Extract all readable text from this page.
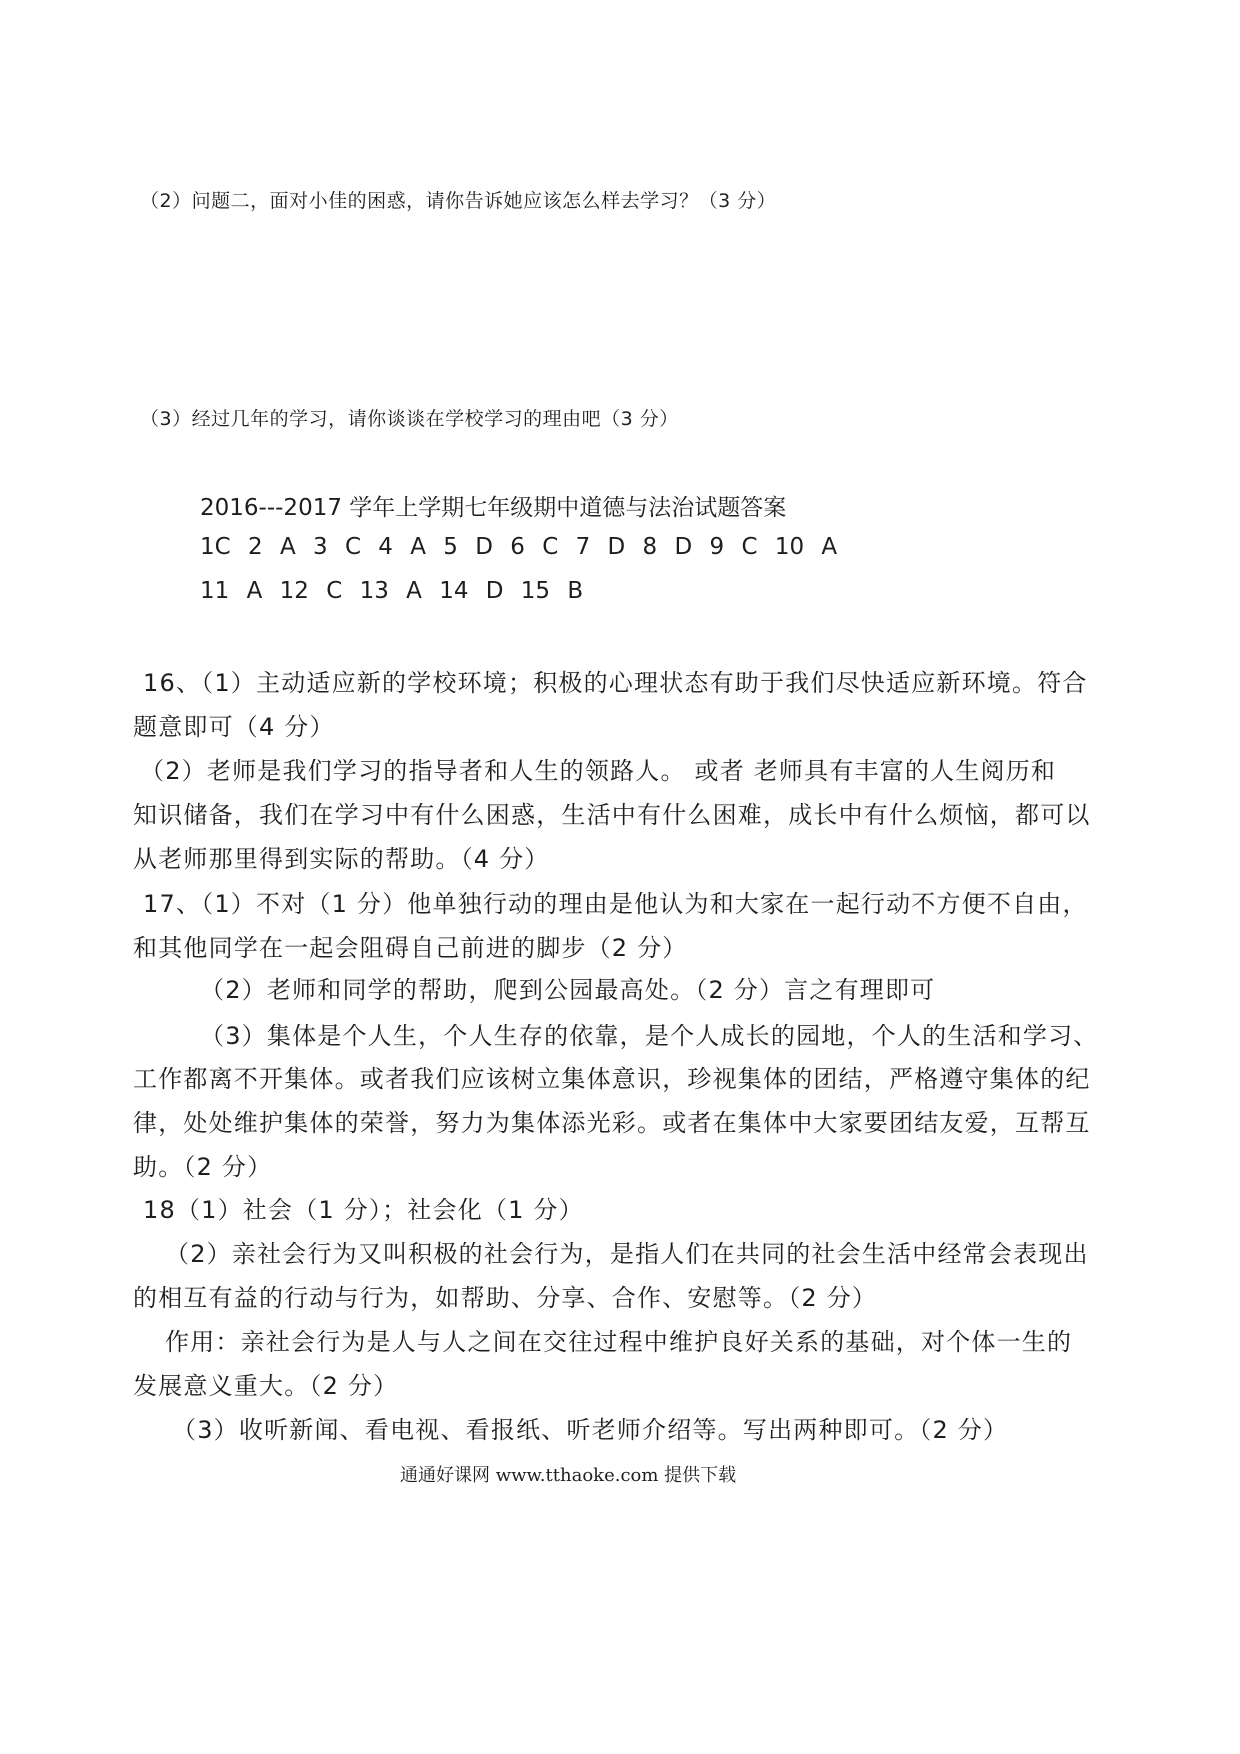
（2）问题二，面对小佳的困惑，请你告诉她应该怎么样去学习？（3 分）
（3）经过几年的学习，请你谈谈在学校学习的理由吧（3 分）
2016---2017 学年上学期七年级期中道德与法治试题答案
1C 2 A 3 C 4 A 5 D 6 C 7 D 8 D 9 C 10 A
11 A 12 C 13 A 14 D 15 B
16、（1）主动适应新的学校环境；积极的心理状态有助于我们尽快适应新环境。符合
题意即可（4 分）
（2）老师是我们学习的指导者和人生的领路人。 或者 老师具有丰富的人生阅历和
知识储备，我们在学习中有什么困惑，生活中有什么困难，成长中有什么烦恼，都可以
从老师那里得到实际的帮助。（4 分）
17、（1）不对（1 分）他单独行动的理由是他认为和大家在一起行动不方便不自由，
和其他同学在一起会阻碍自己前进的脚步（2 分）
（2）老师和同学的帮助，爬到公园最高处。（2 分）言之有理即可
（3）集体是个人生，个人生存的依靠，是个人成长的园地，个人的生活和学习、
工作都离不开集体。或者我们应该树立集体意识，珍视集体的团结，严格遵守集体的纪
律，处处维护集体的荣誉，努力为集体添光彩。或者在集体中大家要团结友爱，互帮互
助。（2 分）
18（1）社会（1 分）；社会化（1 分）
（2）亲社会行为又叫积极的社会行为，是指人们在共同的社会生活中经常会表现出
的相互有益的行动与行为，如帮助、分享、合作、安慰等。（2 分）
作用：亲社会行为是人与人之间在交往过程中维护良好关系的基础，对个体一生的
发展意义重大。（2 分）
（3）收听新闻、看电视、看报纸、听老师介绍等。写出两种即可。（2 分）
通通好课网 www.tthaoke.com 提供下载
